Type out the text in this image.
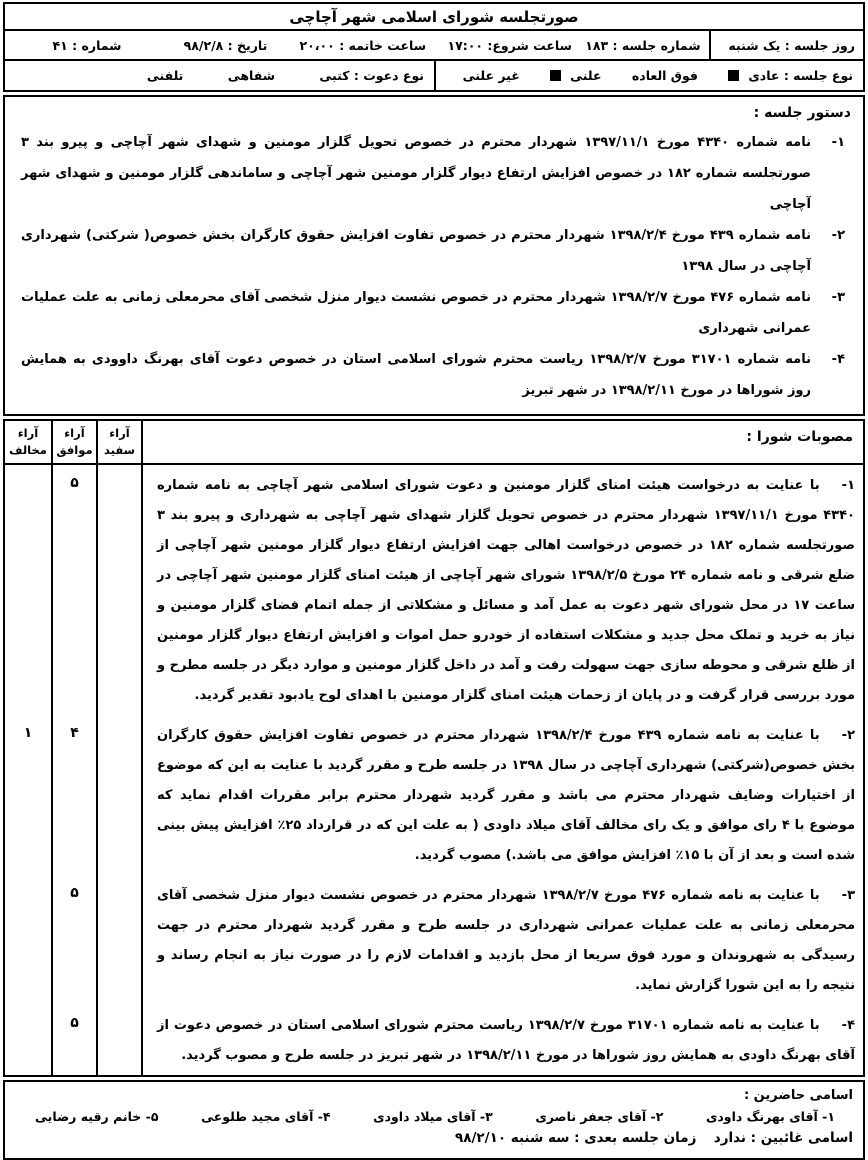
صورتجلسه شورای اسلامی شهر آچاچی
روز جلسه : یک شنبه
شماره جلسه : ۱۸۳
ساعت شروع: ۱۷:۰۰
ساعت خاتمه : ۲۰،۰۰
تاریخ : ۹۸/۲/۸
شماره : ۴۱
نوع جلسه : عادی فوق العاده علنی غیر علنی
نوع دعوت : کتبی شفاهی تلفنی
دستور جلسه :
۱-
نامه شماره ۴۳۴۰ مورخ ۱۳۹۷/۱۱/۱ شهردار محترم در خصوص تحویل گلزار مومنین و شهدای شهر آچاچی و پیرو بند ۳ صورتجلسه شماره ۱۸۲ در خصوص افزایش ارتفاع دیوار گلزار مومنین شهر آچاچی و ساماندهی گلزار مومنین و شهدای شهر آچاچی
۲-
نامه شماره ۴۳۹ مورخ ۱۳۹۸/۲/۴ شهردار محترم در خصوص تفاوت افزایش حقوق کارگران بخش خصوص( شرکتی) شهرداری آچاچی در سال ۱۳۹۸
۳-
نامه شماره ۴۷۶ مورخ ۱۳۹۸/۲/۷ شهردار محترم در خصوص نشست دیوار منزل شخصی آقای محرمعلی زمانی به علت عملیات عمرانی شهرداری
۴-
نامه شماره ۳۱۷۰۱ مورخ ۱۳۹۸/۲/۷ ریاست محترم شورای اسلامی استان در خصوص دعوت آقای بهرنگ داوودی به همایش روز شوراها در مورخ ۱۳۹۸/۲/۱۱ در شهر تبریز
مصوبات شورا :
آراء سفید
آراء موافق
آراء مخالف
۱-با عنایت به درخواست هیئت امنای گلزار مومنین و دعوت شورای اسلامی شهر آچاچی به نامه شماره ۴۳۴۰ مورخ ۱۳۹۷/۱۱/۱ شهردار محترم در خصوص تحویل گلزار شهدای شهر آچاچی به شهرداری و پیرو بند ۳ صورتجلسه شماره ۱۸۲ در خصوص درخواست اهالی جهت افزایش ارتفاع دیوار گلزار مومنین شهر آچاچی از ضلع شرقی و نامه شماره ۲۴ مورخ ۱۳۹۸/۲/۵ شورای شهر آچاچی از هیئت امنای گلزار مومنین شهر آچاچی در ساعت ۱۷ در محل شورای شهر دعوت به عمل آمد و مسائل و مشکلاتی از جمله اتمام فضای گلزار مومنین و نیاز به خرید و تملک محل جدید و مشکلات استفاده از خودرو حمل اموات و افزایش ارتفاع دیوار گلزار مومنین از ظلع شرقی و محوطه سازی جهت سهولت رفت و آمد در داخل گلزار مومنین و موارد دیگر در جلسه مطرح و مورد بررسی قرار گرفت و در پایان از زحمات هیئت امنای گلزار مومنین با اهدای لوح یادبود تقدیر گردید.
۵
۲-با عنایت به نامه شماره ۴۳۹ مورخ ۱۳۹۸/۲/۴ شهردار محترم در خصوص تفاوت افزایش حقوق کارگران بخش خصوص(شرکتی) شهرداری آچاچی در سال ۱۳۹۸ در جلسه طرح و مقرر گردید با عنایت به این که موضوع از اختیارات وضایف شهردار محترم می باشد و مقرر گردید شهردار محترم برابر مقررات اقدام نماید که موضوع با ۴ رای موافق و یک رای مخالف آقای میلاد داودی ( به علت این که در قرارداد ۲۵٪ افزایش پیش بینی شده است و بعد از آن با ۱۵٪ افزایش موافق می باشد.) مصوب گردید.
۴
۱
۳-با عنایت به نامه شماره ۴۷۶ مورخ ۱۳۹۸/۲/۷ شهردار محترم در خصوص نشست دیوار منزل شخصی آقای محرمعلی زمانی به علت عملیات عمرانی شهرداری در جلسه طرح و مقرر گردید شهردار محترم در جهت رسیدگی به شهروندان و مورد فوق سریعا از محل بازدید و اقدامات لازم را در صورت نیاز به انجام رساند و نتیجه را به این شورا گزارش نماید.
۵
۴-با عنایت به نامه شماره ۳۱۷۰۱ مورخ ۱۳۹۸/۲/۷ ریاست محترم شورای اسلامی استان در خصوص دعوت از آقای بهرنگ داودی به همایش روز شوراها در مورخ ۱۳۹۸/۲/۱۱ در شهر تبریز در جلسه طرح و مصوب گردید.
۵
اسامی حاضرین :
۱- آقای بهرنگ داودی
۲- آقای جعفر ناصری
۳- آقای میلاد داودی
۴- آقای مجید طلوعی
۵- خانم رقیه رضایی
اسامی غائبین : ندارد
زمان جلسه بعدی : سه شنبه ۹۸/۲/۱۰
